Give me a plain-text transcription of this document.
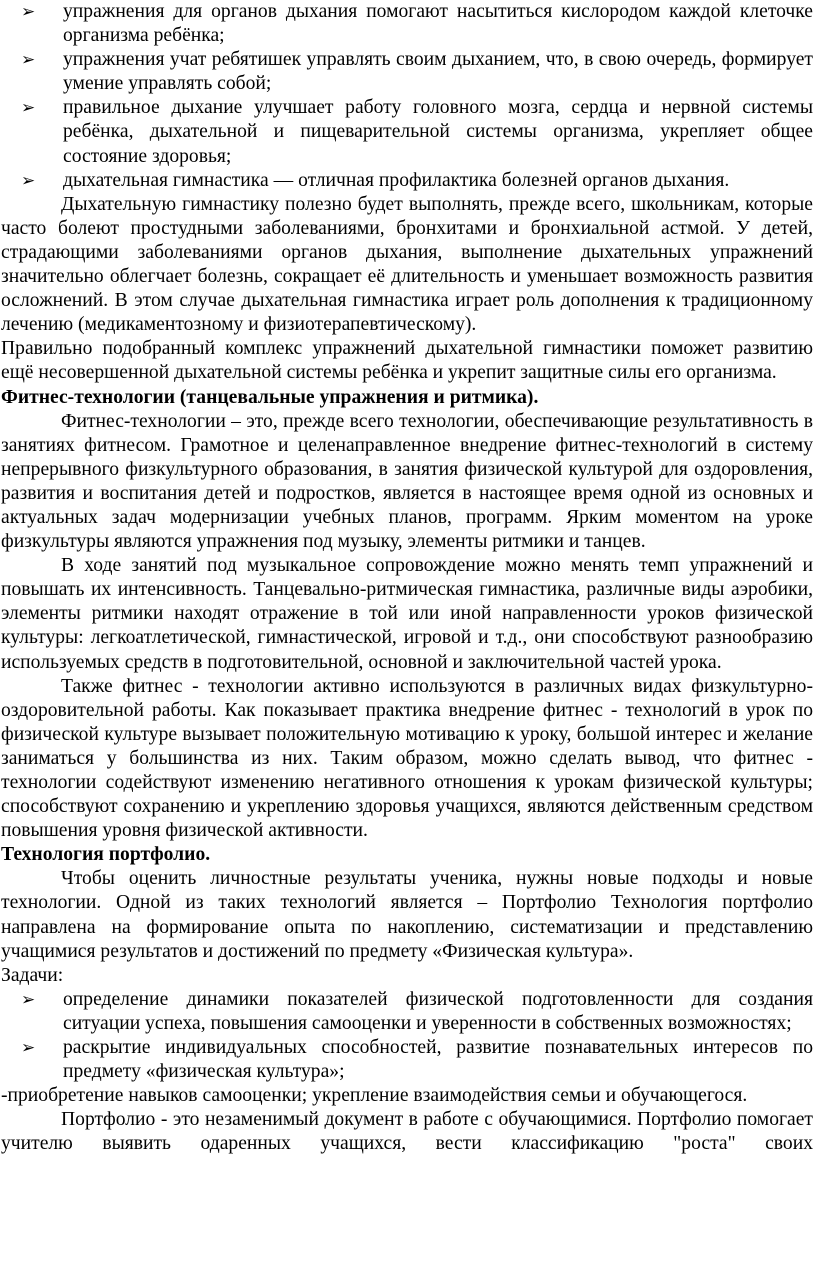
➢	упражнения для органов дыхания помогают насытиться кислородом каждой клеточке организма ребёнка;
➢	упражнения учат ребятишек управлять своим дыханием, что, в свою очередь, формирует умение управлять собой;
➢	правильное дыхание улучшает работу головного мозга, сердца и нервной системы ребёнка, дыхательной и пищеварительной системы организма, укрепляет общее состояние здоровья;
➢	дыхательная гимнастика — отличная профилактика болезней органов дыхания.

Дыхательную гимнастику полезно будет выполнять, прежде всего, школьникам, которые часто болеют простудными заболеваниями, бронхитами и бронхиальной астмой. У детей, страдающими заболеваниями органов дыхания, выполнение дыхательных упражнений значительно облегчает болезнь, сокращает её длительность и уменьшает возможность развития осложнений. В этом случае дыхательная гимнастика играет роль дополнения к традиционному лечению (медикаментозному и физиотерапевтическому).

Правильно подобранный комплекс упражнений дыхательной гимнастики поможет развитию ещё несовершенной дыхательной системы ребёнка и укрепит защитные силы его организма.

Фитнес-технологии (танцевальные упражнения и ритмика).

Фитнес-технологии – это, прежде всего технологии, обеспечивающие результативность в занятиях фитнесом. Грамотное и целенаправленное внедрение фитнес-технологий в систему непрерывного физкультурного образования, в занятия физической культурой для оздоровления, развития и воспитания детей и подростков, является в настоящее время одной из основных и актуальных задач модернизации учебных планов, программ. Ярким моментом на уроке физкультуры являются упражнения под музыку, элементы ритмики и танцев.

В ходе занятий под музыкальное сопровождение можно менять темп упражнений и повышать их интенсивность. Танцевально-ритмическая гимнастика, различные виды аэробики, элементы ритмики находят отражение в той или иной направленности уроков физической культуры: легкоатлетической, гимнастической, игровой и т.д., они способствуют разнообразию используемых средств в подготовительной, основной и заключительной частей урока.

Также фитнес - технологии активно используются в различных видах физкультурно-оздоровительной работы. Как показывает практика внедрение фитнес - технологий в урок по физической культуре вызывает положительную мотивацию к уроку, большой интерес и желание заниматься у большинства из них. Таким образом, можно сделать вывод, что фитнес - технологии содействуют изменению негативного отношения к урокам физической культуры; способствуют сохранению и укреплению здоровья учащихся, являются действенным средством повышения уровня физической активности.

Технология портфолио.

Чтобы оценить личностные результаты ученика, нужны новые подходы и новые технологии. Одной из таких технологий является – Портфолио Технология портфолио направлена на формирование опыта по накоплению, систематизации и представлению учащимися результатов и достижений по предмету «Физическая культура».

Задачи:

➢	определение динамики показателей физической подготовленности для создания ситуации успеха, повышения самооценки и уверенности в собственных возможностях;
➢	раскрытие индивидуальных способностей, развитие познавательных интересов по предмету «физическая культура»;

-приобретение навыков самооценки; укрепление взаимодействия семьи и обучающегося.

Портфолио - это незаменимый документ в работе с обучающимися. Портфолио помогает учителю выявить одаренных учащихся, вести классификацию "роста" своих
